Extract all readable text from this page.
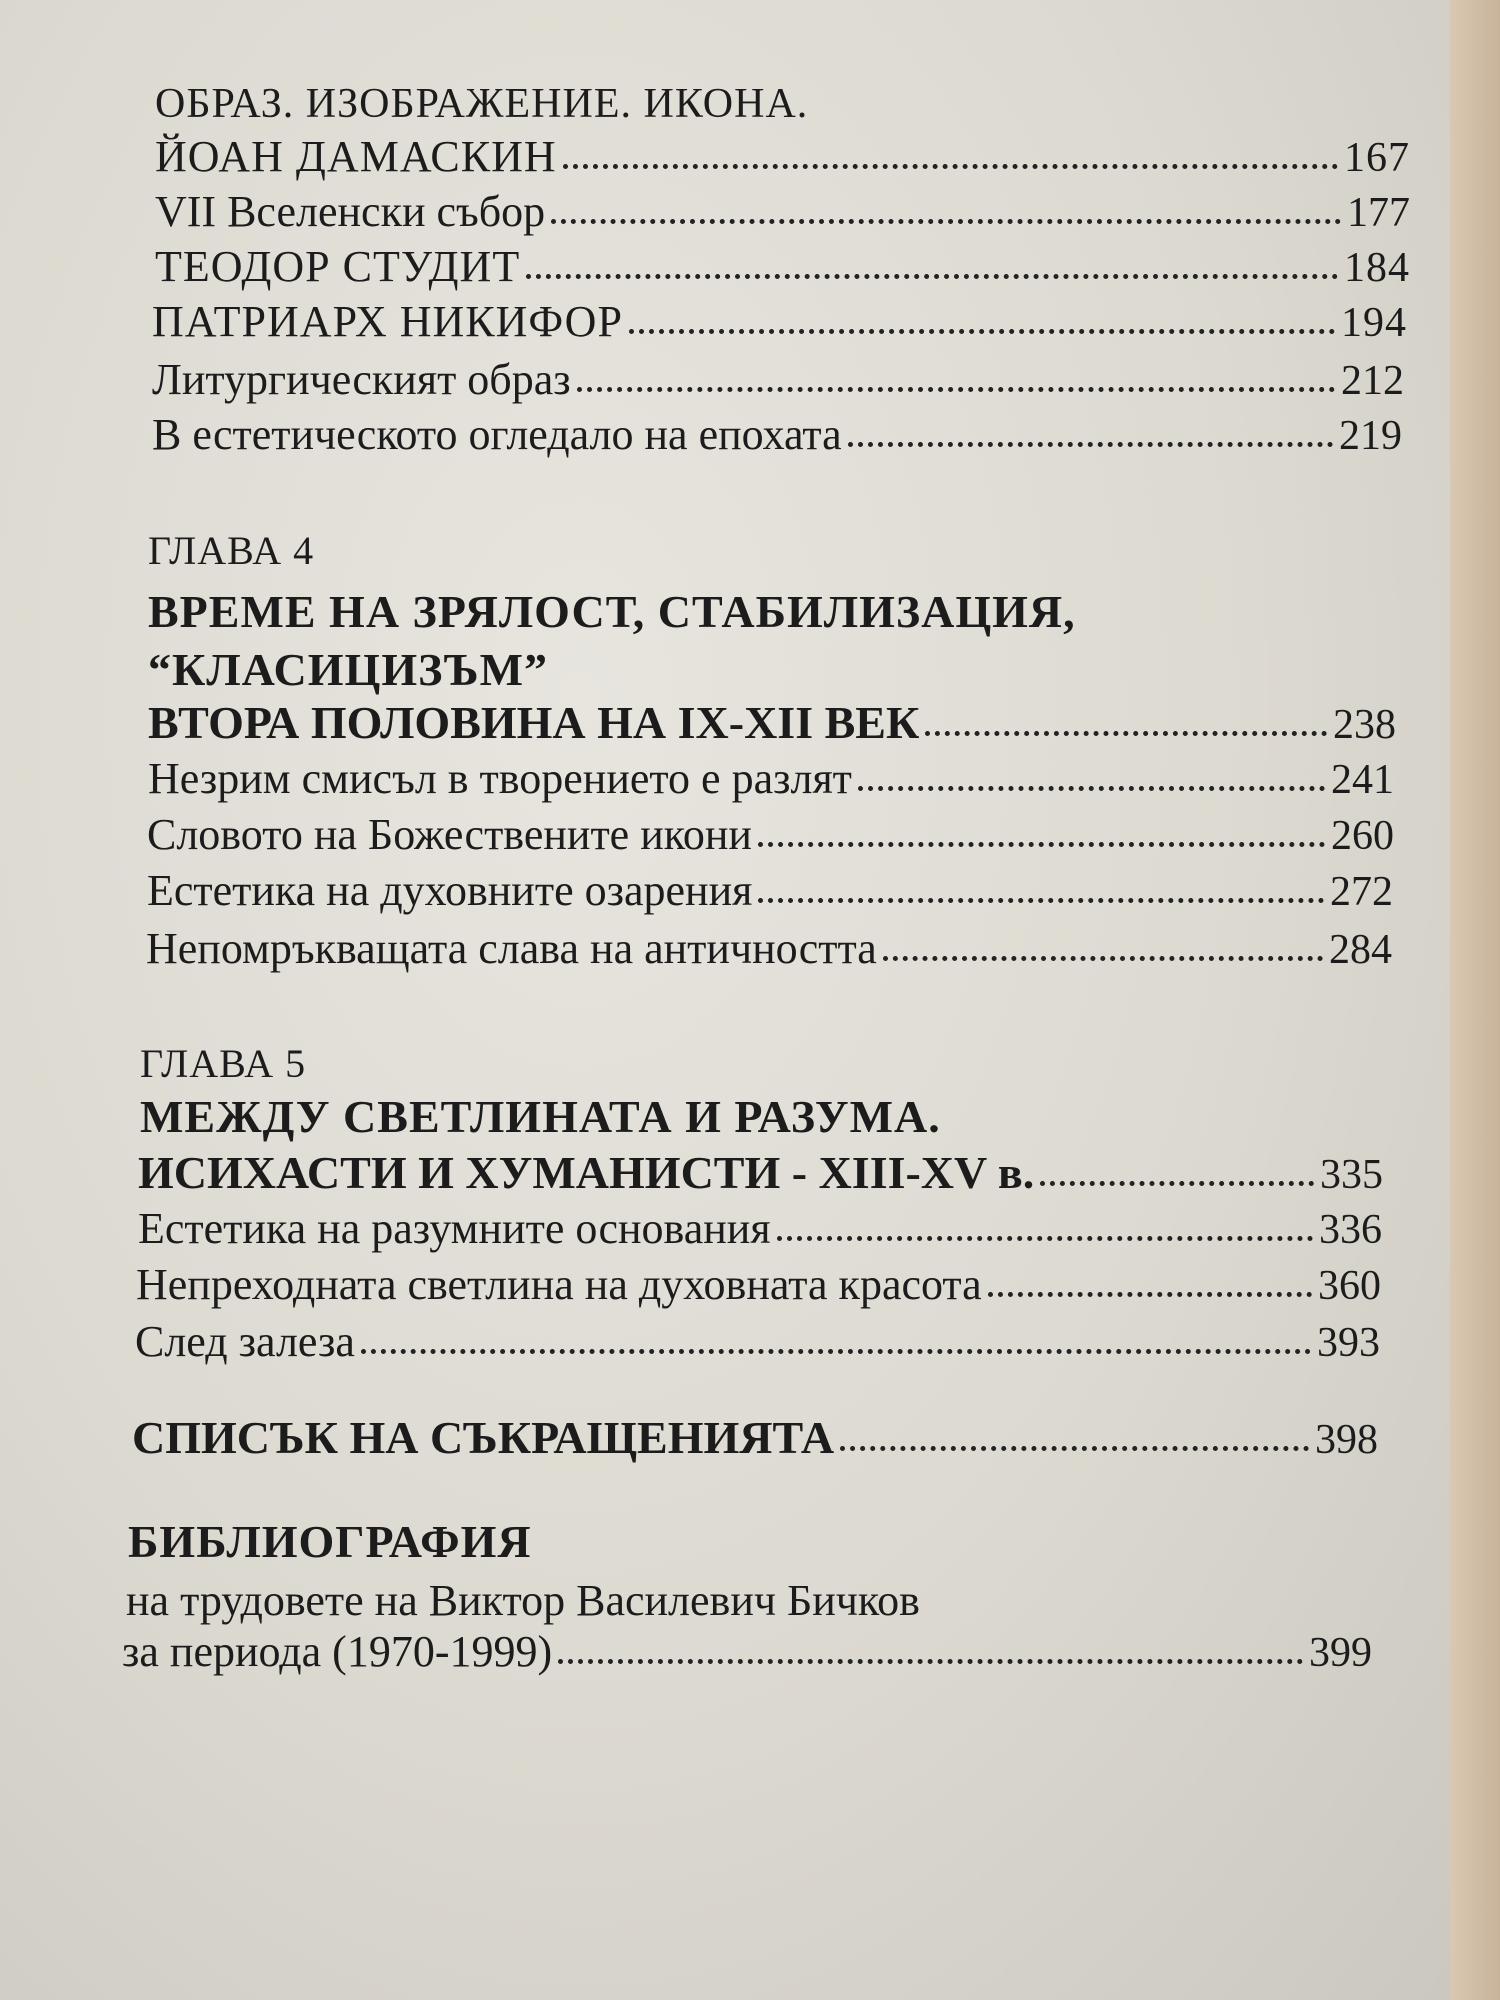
ОБРАЗ. ИЗОБРАЖЕНИЕ. ИКОНА.
ЙОАН ДАМАСКИН	167
VII Вселенски събор	177
ТЕОДОР СТУДИТ	184
ПАТРИАРХ НИКИФОР	194
Литургическият образ	212
В естетическото огледало на епохата	219
ГЛАВА 4
ВРЕМЕ НА ЗРЯЛОСТ, СТАБИЛИЗАЦИЯ,
“КЛАСИЦИЗЪМ”
ВТОРА ПОЛОВИНА НА IX-XII ВЕК	238
Незрим смисъл в творението е разлят	241
Словото на Божествените икони	260
Естетика на духовните озарения	272
Непомръкващата слава на античността	284
ГЛАВА 5
МЕЖДУ СВЕТЛИНАТА И РАЗУМА.
ИСИХАСТИ И ХУМАНИСТИ - XIII-XV в.	335
Естетика на разумните основания	336
Непреходната светлина на духовната красота	360
След залеза	393
СПИСЪК НА СЪКРАЩЕНИЯТА	398
БИБЛИОГРАФИЯ
на трудовете на Виктор Василевич Бичков
за периода (1970-1999)	399
